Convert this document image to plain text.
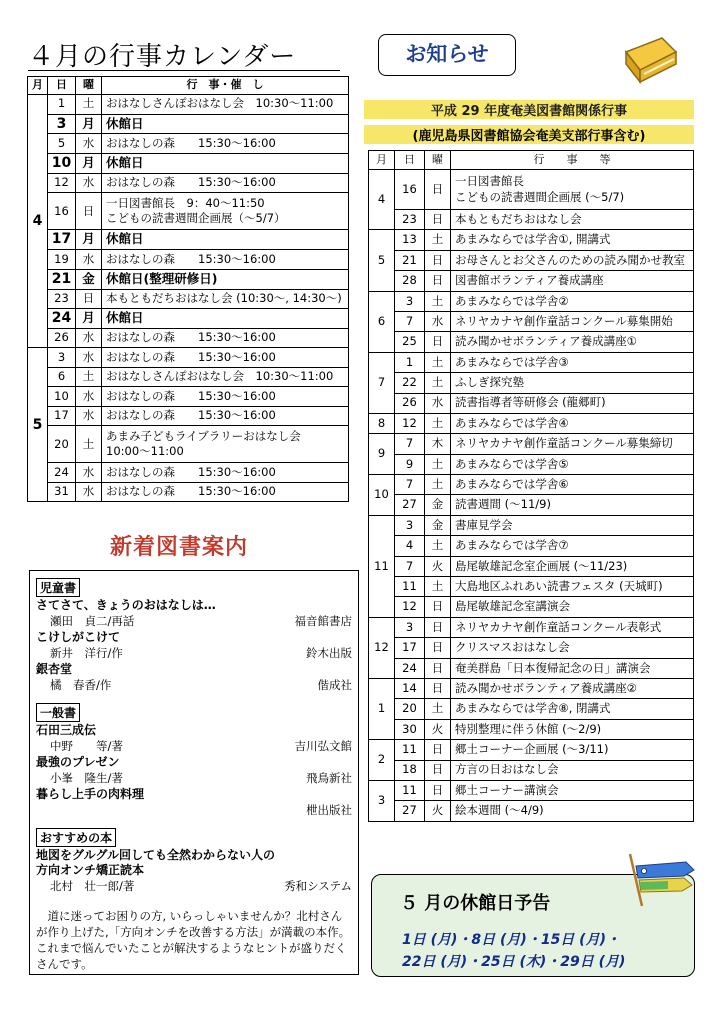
４月の行事カレンダー
月	日	曜	行　事・催　し
4	1	土	おはなしさんぽおはなし会　10:30〜11:00

	3	月	休館日

	5	水	おはなしの森　　15:30〜16:00

	10	月	休館日

	12	水	おはなしの森　　15:30〜16:00

	16	日	一日図書館長　9：40〜11:50
こどもの読書週間企画展（〜5/7）

	17	月	休館日

	19	水	おはなしの森　　15:30〜16:00

	21	金	休館日(整理研修日)

	23	日	本もともだちおはなし会 (10:30〜, 14:30〜)

	24	月	休館日

	26	水	おはなしの森　　15:30〜16:00

5	3	水	おはなしの森　　15:30〜16:00

	6	土	おはなしさんぽおはなし会　10:30〜11:00

	10	水	おはなしの森　　15:30〜16:00

	17	水	おはなしの森　　15:30〜16:00

	20	土	あまみ子どもライブラリーおはなし会
10:00〜11:00

	24	水	おはなしの森　　15:30〜16:00

	31	水	おはなしの森　　15:30〜16:00
お知らせ
平成 29 年度奄美図書館関係行事
(鹿児島県図書館協会奄美支部行事含む)
月	日	曜	行　　事　　等
4	16	日	一日図書館長
こどもの読書週間企画展 (〜5/7)

	23	日	本もともだちおはなし会

5	13	土	あまみならでは学舎①, 開講式

	21	日	お母さんとお父さんのための読み聞かせ教室

	28	日	図書館ボランティア養成講座

6	3	土	あまみならでは学舎②

	7	水	ネリヤカナヤ創作童話コンクール募集開始

	25	日	読み聞かせボランティア養成講座①

7	1	土	あまみならでは学舎③

	22	土	ふしぎ探究塾

	26	水	読書指導者等研修会 (龍郷町)

8	12	土	あまみならでは学舎④

9	7	木	ネリヤカナヤ創作童話コンクール募集締切

	9	土	あまみならでは学舎⑤

10	7	土	あまみならでは学舎⑥

	27	金	読書週間 (〜11/9)

11	3	金	書庫見学会

	4	土	あまみならでは学舎⑦

	7	火	島尾敏雄記念室企画展 (〜11/23)

	11	土	大島地区ふれあい読書フェスタ (天城町)

	12	日	島尾敏雄記念室講演会

12	3	日	ネリヤカナヤ創作童話コンクール表彰式

	17	日	クリスマスおはなし会

	24	日	奄美群島「日本復帰記念の日」講演会

1	14	日	読み聞かせボランティア養成講座②

	20	土	あまみならでは学舎⑧, 閉講式

	30	火	特別整理に伴う休館 (〜2/9)

2	11	日	郷土コーナー企画展 (〜3/11)

	18	日	方言の日おはなし会

3	11	日	郷土コーナー講演会

	27	火	絵本週間 (〜4/9)
新着図書案内
児童書
さてさて、きょうのおはなしは…
瀬田　貞二/再話	福音館書店
こけしがこけて
新井　洋行/作	鈴木出版
銀杏堂
橘　春香/作	偕成社
一般書
石田三成伝
中野　　等/著	吉川弘文館
最強のプレゼン
小峯　隆生/著	飛鳥新社
暮らし上手の肉料理
枻出版社
おすすめの本
地図をグルグル回しても全然わからない人の
方向オンチ矯正読本
北村　壮一郎/著	秀和システム
道に迷ってお困りの方, いらっしゃいませんか？北村さんが作り上げた,「方向オンチを改善する方法」が満載の本作。これまで悩んでいたことが解決するようなヒントが盛りだくさんです。
５ 月の休館日予告
1日 (月)・8日 (月)・15日 (月)・
22日 (月)・25日 (木)・29日 (月)
